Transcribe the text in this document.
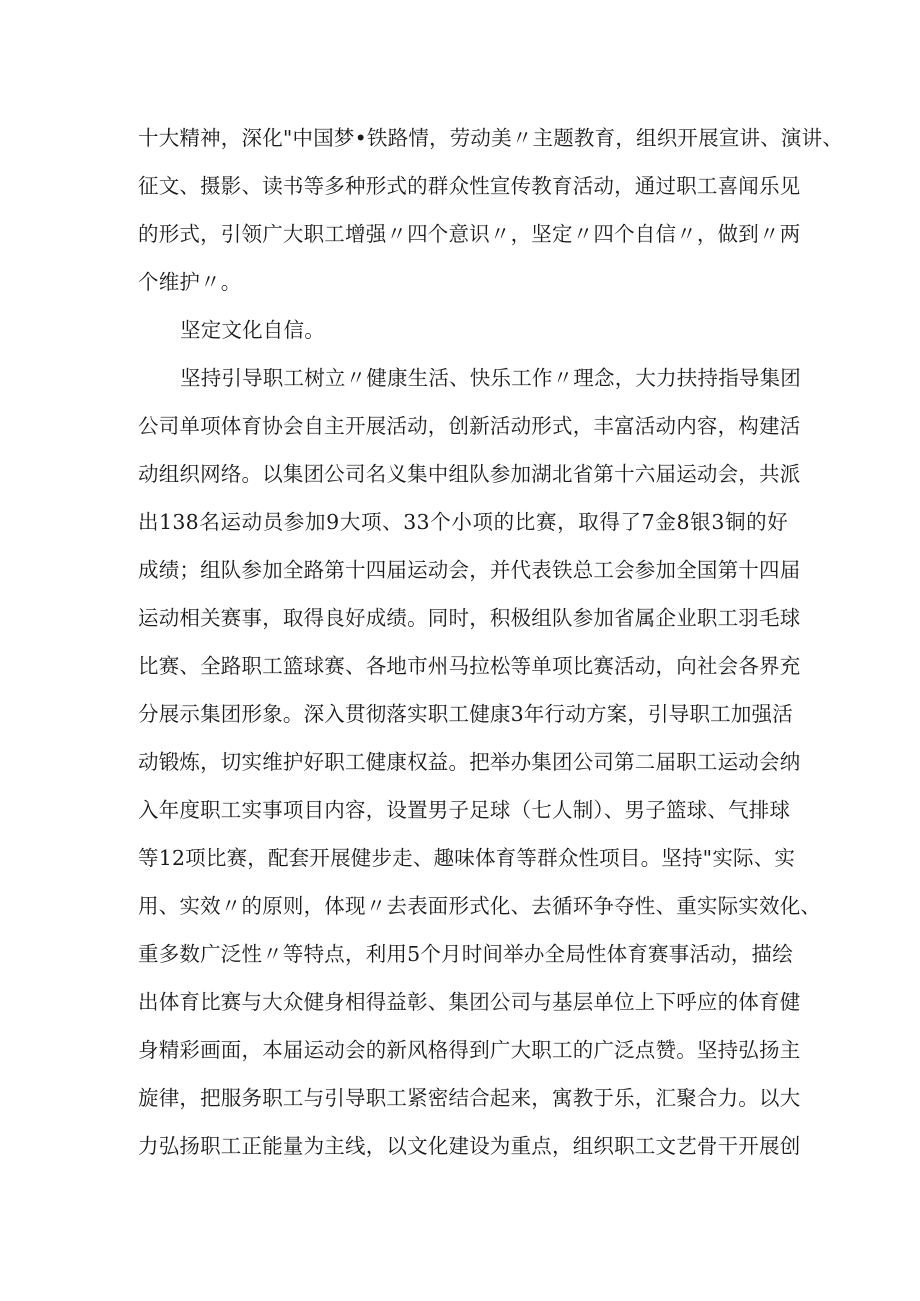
十大精神，深化"中国梦•铁路情，劳动美〃主题教育，组织开展宣讲、演讲、
征文、摄影、读书等多种形式的群众性宣传教育活动，通过职工喜闻乐见
的形式，引领广大职工增强〃四个意识〃，坚定〃四个自信〃，做到〃两
个维护〃。
坚定文化自信。
坚持引导职工树立〃健康生活、快乐工作〃理念，大力扶持指导集团
公司单项体育协会自主开展活动，创新活动形式，丰富活动内容，构建活
动组织网络。以集团公司名义集中组队参加湖北省第十六届运动会，共派
出138名运动员参加9大项、33个小项的比赛，取得了7金8银3铜的好
成绩；组队参加全路第十四届运动会，并代表铁总工会参加全国第十四届
运动相关赛事，取得良好成绩。同时，积极组队参加省属企业职工羽毛球
比赛、全路职工篮球赛、各地市州马拉松等单项比赛活动，向社会各界充
分展示集团形象。深入贯彻落实职工健康3年行动方案，引导职工加强活
动锻炼，切实维护好职工健康权益。把举办集团公司第二届职工运动会纳
入年度职工实事项目内容，设置男子足球（七人制）、男子篮球、气排球
等12项比赛，配套开展健步走、趣味体育等群众性项目。坚持"实际、实
用、实效〃的原则，体现〃去表面形式化、去循环争夺性、重实际实效化、
重多数广泛性〃等特点，利用5个月时间举办全局性体育赛事活动，描绘
出体育比赛与大众健身相得益彰、集团公司与基层单位上下呼应的体育健
身精彩画面，本届运动会的新风格得到广大职工的广泛点赞。坚持弘扬主
旋律，把服务职工与引导职工紧密结合起来，寓教于乐，汇聚合力。以大
力弘扬职工正能量为主线，以文化建设为重点，组织职工文艺骨干开展创
